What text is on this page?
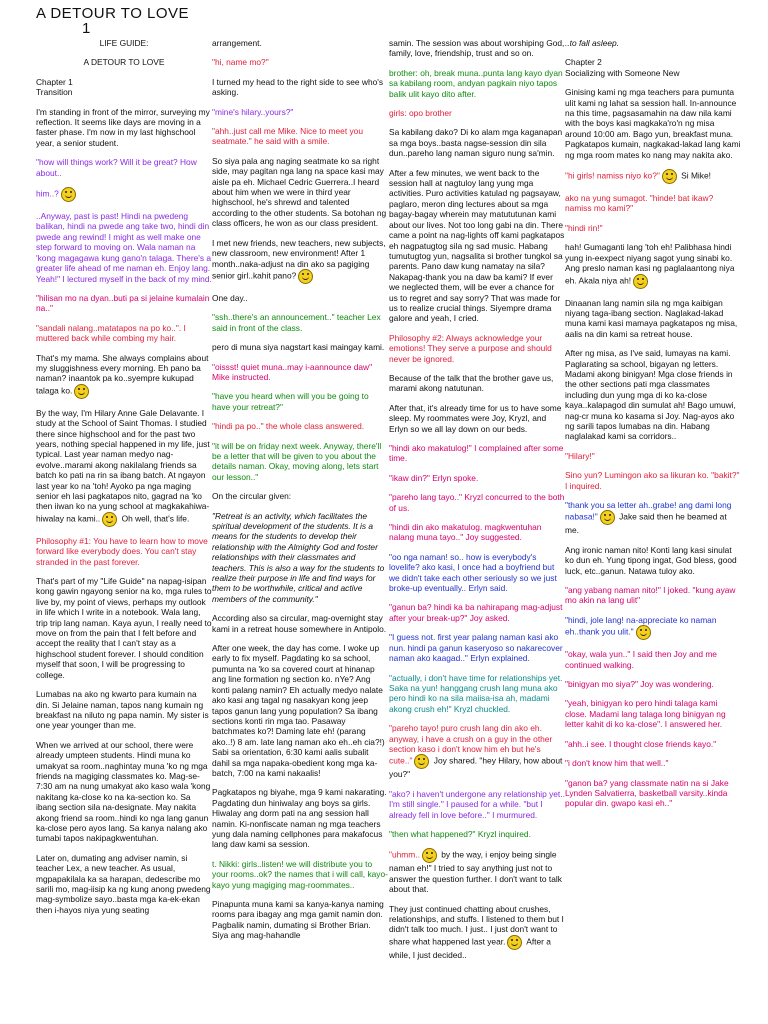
A DETOUR TO LOVE
1

LIFE GUIDE:

A DETOUR TO LOVE

Chapter 1
Transition

I'm standing in front of the mirror, surveying my reflection. It seems like days are moving in a faster phase. I'm now in my last highschool year, a senior student.

"how will things work? Will it be great? How about..

him..?

..Anyway, past is past! Hindi na pwedeng balikan, hindi na pwede ang take two, hindi din pwede ang rewind! I might as well make one step forward to moving on. Wala naman na 'kong magagawa kung gano'n talaga. There's a greater life ahead of me naman eh. Enjoy lang. Yeah!" I lectured myself in the back of my mind.

"hilisan mo na dyan..buti pa si jelaine kumalain na.."

"sandali nalang..matatapos na po ko..". I muttered back while combing my hair.

That's my mama. She always complains about my sluggishness every morning. Eh pano ba naman? inaantok pa ko..syempre kukupad talaga ko.

By the way, I'm Hilary Anne Gale Delavante. I study at the School of Saint Thomas. I studied there since highschool and for the past two years, nothing special happened in my life, just typical. Last year naman medyo nag-evolve..marami akong nakilalang friends sa batch ko pati na rin sa ibang batch. At ngayon last year ko na 'toh! Ayoko pa nga maging senior eh lasi pagkatapos nito, gagrad na 'ko then iiwan ko na yung school at magkakahiwa-hiwalay na kami.. Oh well, that's life.

Philosophy #1: You have to learn how to move forward like everybody does. You can't stay stranded in the past forever.

That's part of my "Life Guide" na napag-isipan kong gawin ngayong senior na ko, mga rules to live by, my point of views, perhaps my outlook in life which I write in a notebook. Wala lang, trip trip lang naman. Kaya ayun, I really need to move on from the pain that I felt before and accept the reality that I can't stay as a highschool student forever. I should condition myself that soon, I will be progressing to college.

Lumabas na ako ng kwarto para kumain na din. Si Jelaine naman, tapos nang kumain ng breakfast na niluto ng papa namin. My sister is one year younger than me.

When we arrived at our school, there were already umpteen students. Hindi muna ko umakyat sa room..naghintay muna 'ko ng mga friends na magiging classmates ko. Mag-se-7:30 am na nung umakyat ako kaso wala 'kong nakitang ka-close ko na ka-section ko. Sa ibang section sila na-designate. May nakita akong friend sa room..hindi ko nga lang ganun ka-close pero ayos lang. Sa kanya nalang ako tumabi tapos nakipagkwentuhan.

Later on, dumating ang adviser namin, si teacher Lex, a new teacher. As usual, mgpapakilala ka sa harapan, dedescribe mo sarili mo, mag-iisip ka ng kung anong pwedeng mag-symbolize sayo..basta mga ka-ek-ekan then i-hayos niya yung seating

arrangement.

"hi, name mo?"

I turned my head to the right side to see who's asking.

"mine's hilary..yours?"

"ahh..just call me Mike. Nice to meet you seatmate." he said with a smile.

So siya pala ang naging seatmate ko sa right side, may pagitan nga lang na space kasi may aisle pa eh. Michael Cedric Guerrera..I heard about him when we were in third year highschool, he's shrewd and talented according to the other students. Sa botohan ng class officers, he won as our class president.

I met new friends, new teachers, new subjects, new classroom, new environment! After 1 month..naka-adjust na din ako sa pagiging senior girl..kahit pano?

One day..

"ssh..there's an announcement.." teacher Lex said in front of the class.

pero di muna siya nagstart kasi maingay kami.

"oissst! quiet muna..may i-aannounce daw" Mike instructed.

"have you heard when will you be going to have your retreat?"

"hindi pa po.." the whole class answered.

"it will be on friday next week. Anyway, there'll be a letter that will be given to you about the details naman. Okay, moving along, lets start our lesson.."

On the circular given:

"Retreat is an activity, which facilitates the spiritual development of the students. It is a means for the students to develop their relationship with the Almighty God and foster relationships with their classmates and teachers. This is also a way for the students to realize their purpose in life and find ways for them to be worthwhile, critical and active members of the community."

According also sa circular, mag-overnight stay kami in a retreat house somewhere in Antipolo.

After one week, the day has come. I woke up early to fix myself. Pagdating ko sa school, pumunta na 'ko sa covered court at hinanap ang line formation ng section ko. nYe? Ang konti palang namin? Eh actually medyo nalate ako kasi ang tagal ng nasakyan kong jeep tapos ganun lang yung population? Sa ibang sections konti rin mga tao. Pasaway batchmates ko?! Daming late eh! (parang ako..!) 8 am. late lang naman ako eh..eh cia?!) Sabi sa orientation, 6:30 kami aalis subalit dahil sa mga napaka-obedient kong mga ka-batch, 7:00 na kami nakaalis!

Pagkatapos ng biyahe, mga 9 kami nakarating. Pagdating dun hiniwalay ang boys sa girls. Hiwalay ang dorm pati na ang session hall namin. Ki-nonfiscate naman ng mga teachers yung dala naming cellphones para makafocus lang daw kami sa session.

t. Nikki: girls..listen! we will distribute you to your rooms..ok? the names that i will call, kayo-kayo yung magiging mag-roommates..

Pinapunta muna kami sa kanya-kanya naming rooms para ibagay ang mga gamit namin don. Pagbalik namin, dumating si Brother Brian. Siya ang mag-hahandle

samin. The session was about worshiping God, family, love, friendship, trust and so on.

brother: oh, break muna..punta lang kayo dyan sa kabilang room, andyan pagkain niyo tapos balik ulit kayo dito after.

girls: opo brother

Sa kabilang dako? Di ko alam mga kaganapan sa mga boys..basta nagse-session din sila dun..pareho lang naman siguro nung sa'min.

After a few minutes, we went back to the session hall at nagtuloy lang yung mga activities. Puro activities katulad ng pagsayaw, paglaro, meron ding lectures about sa mga bagay-bagay wherein may matututunan kami about our lives. Not too long gabi na din. There came a point na nag-lights off kami pagkatapos eh nagpatugtog sila ng sad music. Habang tumutugtog yun, nagsalita si brother tungkol sa parents. Pano daw kung namatay na sila? Nakapag-thank you na daw ba kami? If ever we neglected them, will be ever a chance for us to regret and say sorry? That was made for us to realize crucial things. Siyempre drama galore and yeah, I cried.

Philosophy #2: Always acknowledge your emotions! They serve a purpose and should never be ignored.

Because of the talk that the brother gave us, marami akong natutunan.

After that, it's already time for us to have some sleep. My roommates were Joy, Kryzl, and Erlyn so we all lay down on our beds.

"hindi ako makatulog!" I complained after some time.

"ikaw din?" Erlyn spoke.

"pareho lang tayo.." Kryzl concurred to the both of us.

"hindi din ako makatulog. magkwentuhan nalang muna tayo.." Joy suggested.

"oo nga naman! so.. how is everybody's lovelife? ako kasi, I once had a boyfriend but we didn't take each other seriously so we just broke-up eventually.. Erlyn said.

"ganun ba? hindi ka ba nahirapang mag-adjust after your break-up?" Joy asked.

"I guess not. first year palang naman kasi ako nun. hindi pa ganun kaseryoso so nakarecover naman ako kaagad.." Erlyn explained.

"actually, i don't have time for relationships yet. Saka na yun! hanggang crush lang muna ako pero hindi ko na sila maiisa-isa ah, madami akong crush eh!" Kryzl chuckled.

"pareho tayo! puro crush lang din ako eh. anyway, i have a crush on a guy in the other section kaso i don't know him eh but he's cute.." Joy shared. "hey Hilary, how about you?"

"ako? i haven't undergone any relationship yet.. I'm still single." I paused for a while. "but I already fell in love before.." I murmured.

"then what happened?" Kryzl inquired.

"uhmm.. by the way, i enjoy being single naman eh!" I tried to say anything just not to answer the question further. I don't want to talk about that.

They just continued chatting about crushes, relationships, and stuffs. I listened to them but I didn't talk too much. I just.. I just don't want to share what happened last year. After a while, I just decided..

..to fall asleep.

Chapter 2
Socializing with Someone New

Ginising kami ng mga teachers para pumunta ulit kami ng lahat sa session hall. In-announce na this time, pagsasamahin na daw nila kami with the boys kasi magkaka'ro'n ng misa around 10:00 am. Bago yun, breakfast muna. Pagkatapos kumain, nagkakad-lakad lang kami ng mga room mates ko nang may nakita ako.

"hi girls! namiss niyo ko?" Si Mike!

ako na yung sumagot. "hinde! bat ikaw? namiss mo kami?"

"hindi rin!"

hah! Gumaganti lang 'toh eh! Palibhasa hindi yung in-eexpect niyang sagot yung sinabi ko. Ang preslo naman kasi ng paglalaantong niya eh. Akala niya ah!

Dinaanan lang namin sila ng mga kaibigan niyang taga-ibang section. Naglakad-lakad muna kami kasi mamaya pagkatapos ng misa, aalis na din kami sa retreat house.

After ng misa, as I've said, lumayas na kami. Paglarating sa school, bigayan ng letters. Madami akong binigyan! Mga close friends in the other sections pati mga classmates including dun yung mga di ko ka-close kaya..kalapagod din sumulat ah! Bago umuwi, nag-cr muna ko kasama si Joy. Nag-ayos ako ng sarili tapos lumabas na din. Habang naglalakad kami sa corridors..

"Hilary!"

Sino yun? Lumingon ako sa likuran ko. "bakit?" I inquired.

"thank you sa letter ah..grabe! ang dami long nabasa!" Jake said then he beamed at me.

Ang ironic naman nito! Konti lang kasi sinulat ko dun eh. Yung tipong ingat, God bless, good luck, etc..ganun. Natawa tuloy ako.

"ang yabang naman nito!" I joked. "kung ayaw mo akin na lang ulit"

"hindi, jole lang! na-appreciate ko naman eh..thank you ulit."

"okay, wala yun.." I said then Joy and me continued walking.

"binigyan mo siya?" Joy was wondering.

"yeah, binigyan ko pero hindi talaga kami close. Madami lang talaga long binigyan ng letter kahit di ko ka-close". I answered her.

"ahh..i see. I thought close friends kayo."

"i don't know him that well.."

"ganon ba? yang classmate natin na si Jake Lynden Salvatierra, basketball varsity..kinda popular din. gwapo kasi eh.."
